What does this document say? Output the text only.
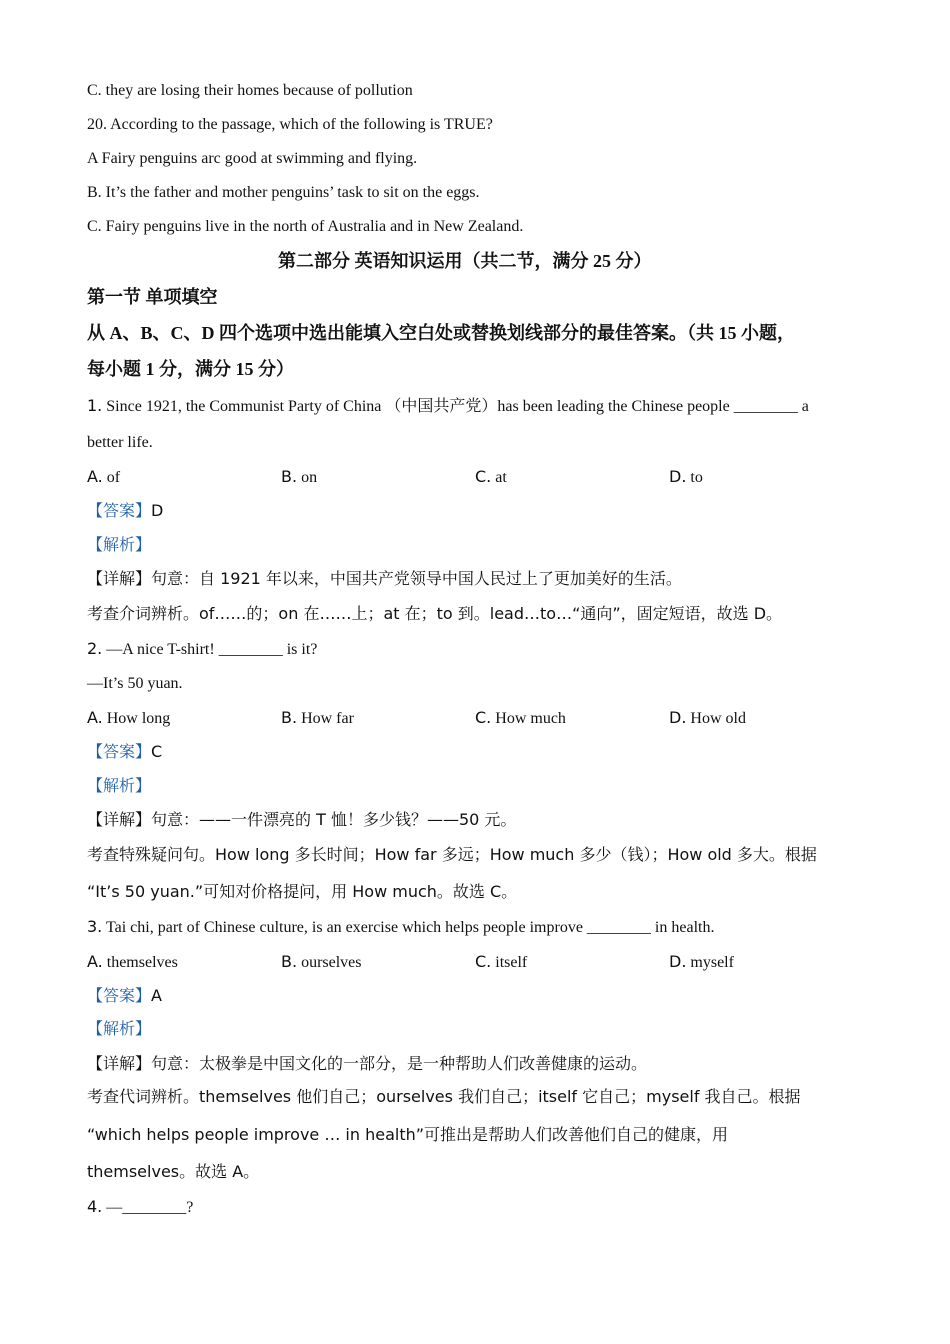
C. they are losing their homes because of pollution
20. According to the passage, which of the following is TRUE?
A Fairy penguins arc good at swimming and flying.
B. It’s the father and mother penguins’ task to sit on the eggs.
C. Fairy penguins live in the north of Australia and in New Zealand.
第二部分 英语知识运用（共二节，满分 25 分）
第一节 单项填空
从 A、B、C、D 四个选项中选出能填入空白处或替换划线部分的最佳答案。（共 15 小题，
每小题 1 分，满分 15 分）
1. Since 1921, the Communist Party of China （中国共产党）has been leading the Chinese people ________ a
better life.
A. of	B. on	C. at	D. to
【答案】D
【解析】
【详解】句意：自 1921 年以来，中国共产党领导中国人民过上了更加美好的生活。
考查介词辨析。of……的；on 在……上；at 在；to 到。lead…to…“通向”，固定短语，故选 D。
2. —A nice T-shirt! ________ is it?
—It’s 50 yuan.
A. How long	B. How far	C. How much	D. How old
【答案】C
【解析】
【详解】句意：——一件漂亮的 T 恤！多少钱？——50 元。
考查特殊疑问句。How long 多长时间；How far 多远；How much 多少（钱）；How old 多大。根据
“It’s 50 yuan.”可知对价格提问，用 How much。故选 C。
3. Tai chi, part of Chinese culture, is an exercise which helps people improve ________ in health.
A. themselves	B. ourselves	C. itself	D. myself
【答案】A
【解析】
【详解】句意：太极拳是中国文化的一部分，是一种帮助人们改善健康的运动。
考查代词辨析。themselves 他们自己；ourselves 我们自己；itself 它自己；myself 我自己。根据
“which helps people improve … in health”可推出是帮助人们改善他们自己的健康，用
themselves。故选 A。
4. —________?
